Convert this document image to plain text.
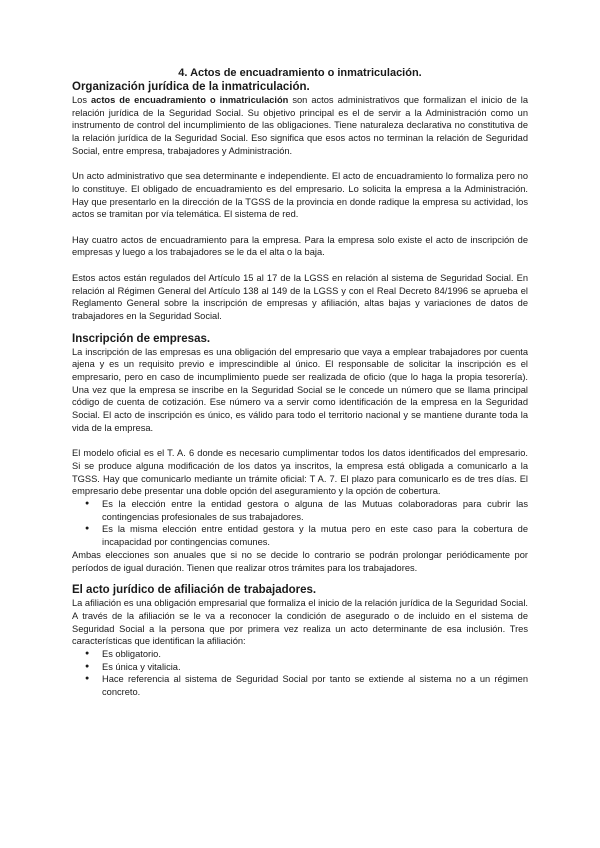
4. Actos de encuadramiento o inmatriculación.

Organización jurídica de la inmatriculación.

Los actos de encuadramiento o inmatriculación son actos administrativos que formalizan el inicio de la relación jurídica de la Seguridad Social. Su objetivo principal es el de servir a la Administración como un instrumento de control del incumplimiento de las obligaciones. Tiene naturaleza declarativa no constitutiva de la relación jurídica de la Seguridad Social. Eso significa que esos actos no terminan la relación de Seguridad Social, entre empresa, trabajadores y Administración.

Un acto administrativo que sea determinante e independiente. El acto de encuadramiento lo formaliza pero no lo constituye. El obligado de encuadramiento es del empresario. Lo solicita la empresa a la Administración. Hay que presentarlo en la dirección de la TGSS de la provincia en donde radique la empresa su actividad, los actos se tramitan por vía telemática. El sistema de red.

Hay cuatro actos de encuadramiento para la empresa. Para la empresa solo existe el acto de inscripción de empresas y luego a los trabajadores se le da el alta o la baja.

Estos actos están regulados del Artículo 15 al 17 de la LGSS en relación al sistema de Seguridad Social. En relación al Régimen General del Artículo 138 al 149 de la LGSS y con el Real Decreto 84/1996 se aprueba el Reglamento General sobre la inscripción de empresas y afiliación, altas bajas y variaciones de datos de trabajadores en la Seguridad Social.

Inscripción de empresas.

La inscripción de las empresas es una obligación del empresario que vaya a emplear trabajadores por cuenta ajena y es un requisito previo e imprescindible al único. El responsable de solicitar la inscripción es el empresario, pero en caso de incumplimiento puede ser realizada de oficio (que lo haga la propia tesorería). Una vez que la empresa se inscribe en la Seguridad Social se le concede un número que se llama principal código de cuenta de cotización. Ese número va a servir como identificación de la empresa en la Seguridad Social. El acto de inscripción es único, es válido para todo el territorio nacional y se mantiene durante toda la vida de la empresa.

El modelo oficial es el T. A. 6 donde es necesario cumplimentar todos los datos identificados del empresario. Si se produce alguna modificación de los datos ya inscritos, la empresa está obligada a comunicarlo a la TGSS. Hay que comunicarlo mediante un trámite oficial: T A. 7. El plazo para comunicarlo es de tres días. El empresario debe presentar una doble opción del aseguramiento y la opción de cobertura.

● Es la elección entre la entidad gestora o alguna de las Mutuas colaboradoras para cubrir las contingencias profesionales de sus trabajadores.
● Es la misma elección entre entidad gestora y la mutua pero en este caso para la cobertura de incapacidad por contingencias comunes.

Ambas elecciones son anuales que si no se decide lo contrario se podrán prolongar periódicamente por períodos de igual duración. Tienen que realizar otros trámites para los trabajadores.

El acto jurídico de afiliación de trabajadores.

La afiliación es una obligación empresarial que formaliza el inicio de la relación jurídica de la Seguridad Social. A través de la afiliación se le va a reconocer la condición de asegurado o de incluido en el sistema de Seguridad Social a la persona que por primera vez realiza un acto determinante de esa inclusión. Tres características que identifican la afiliación:

● Es obligatorio.
● Es única y vitalicia.
● Hace referencia al sistema de Seguridad Social por tanto se extiende al sistema no a un régimen concreto.
